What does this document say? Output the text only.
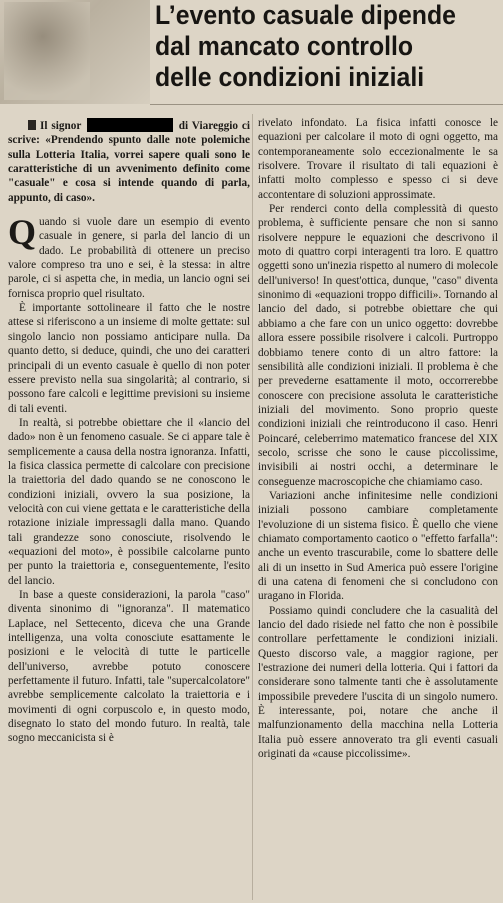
L’evento casuale dipende
dal mancato controllo
delle condizioni iniziali

Il signor	di Viareggio ci scrive: «Prendendo spunto dalle note polemiche sulla Lotteria Italia, vorrei sapere quali sono le caratteristiche di un avvenimento definito come "casuale" e cosa si intende quando di parla, appunto, di caso».

Quando si vuole dare un esempio di evento casuale in genere, si parla del lancio di un dado. Le probabilità di ottenere un preciso valore compreso tra uno e sei, è la stessa: in altre parole, ci si aspetta che, in media, un lancio ogni sei fornisca proprio quel risultato.

È importante sottolineare il fatto che le nostre attese si riferiscono a un insieme di molte gettate: sul singolo lancio non possiamo anticipare nulla. Da quanto detto, si deduce, quindi, che uno dei caratteri principali di un evento casuale è quello di non poter essere previsto nella sua singolarità; al contrario, si possono fare calcoli e legittime previsioni su insieme di tali eventi.

In realtà, si potrebbe obiettare che il «lancio del dado» non è un fenomeno casuale. Se ci appare tale è semplicemente a causa della nostra ignoranza. Infatti, la fisica classica permette di calcolare con precisione la traiettoria del dado quando se ne conoscono le condizioni iniziali, ovvero la sua posizione, la velocità con cui viene gettata e le caratteristiche della rotazione iniziale impressagli dalla mano. Quando tali grandezze sono conosciute, risolvendo le «equazioni del moto», è possibile calcolarne punto per punto la traiettoria e, conseguentemente, l'esito del lancio.

In base a queste considerazioni, la parola "caso" diventa sinonimo di "ignoranza". Il matematico Laplace, nel Settecento, diceva che una Grande intelligenza, una volta conosciute esattamente le posizioni e le velocità di tutte le particelle dell'universo, avrebbe potuto conoscere perfettamente il futuro. Infatti, tale "supercalcolatore" avrebbe semplicemente calcolato la traiettoria e i movimenti di ogni corpuscolo e, in questo modo, disegnato lo stato del mondo futuro. In realtà, tale sogno meccanicista si è

rivelato infondato. La fisica infatti conosce le equazioni per calcolare il moto di ogni oggetto, ma contemporaneamente solo eccezionalmente le sa risolvere. Trovare il risultato di tali equazioni è infatti molto complesso e spesso ci si deve accontentare di soluzioni approssimate.

Per renderci conto della complessità di questo problema, è sufficiente pensare che non si sanno risolvere neppure le equazioni che descrivono il moto di quattro corpi interagenti tra loro. E quattro oggetti sono un'inezia rispetto al numero di molecole dell'universo! In quest'ottica, dunque, "caso" diventa sinonimo di «equazioni troppo difficili». Tornando al lancio del dado, si potrebbe obiettare che qui abbiamo a che fare con un unico oggetto: dovrebbe allora essere possibile risolvere i calcoli. Purtroppo dobbiamo tenere conto di un altro fattore: la sensibilità alle condizioni iniziali. Il problema è che per prevederne esattamente il moto, occorrerebbe conoscere con precisione assoluta le caratteristiche iniziali del movimento. Sono proprio queste condizioni iniziali che reintroducono il caso. Henri Poincaré, celeberrimo matematico francese del XIX secolo, scrisse che sono le cause piccolissime, invisibili ai nostri occhi, a determinare le conseguenze macroscopiche che chiamiamo caso.

Variazioni anche infinitesime nelle condizioni iniziali possono cambiare completamente l'evoluzione di un sistema fisico. È quello che viene chiamato comportamento caotico o "effetto farfalla": anche un evento trascurabile, come lo sbattere delle ali di un insetto in Sud America può essere l'origine di una catena di fenomeni che si concludono con uragano in Florida.

Possiamo quindi concludere che la casualità del lancio del dado risiede nel fatto che non è possibile controllare perfettamente le condizioni iniziali. Questo discorso vale, a maggior ragione, per l'estrazione dei numeri della lotteria. Qui i fattori da considerare sono talmente tanti che è assolutamente impossibile prevedere l'uscita di un singolo numero. È interessante, poi, notare che anche il malfunzionamento della macchina nella Lotteria Italia può essere annoverato tra gli eventi casuali originati da «cause piccolissime».
